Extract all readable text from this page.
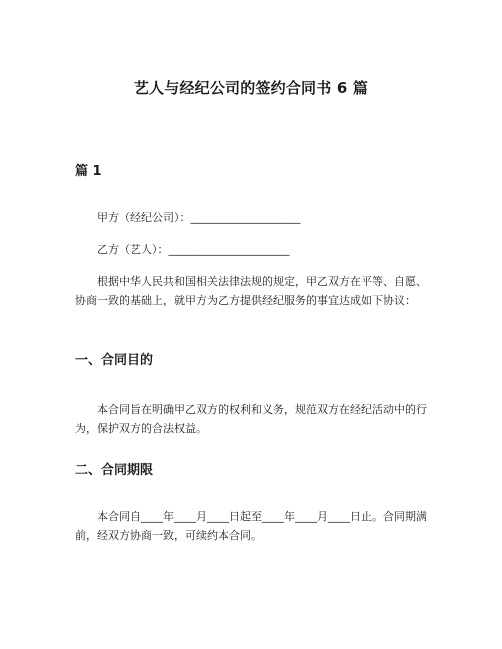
艺人与经纪公司的签约合同书 6 篇
篇 1
甲方（经纪公司）：____________________
乙方（艺人）：______________________

根据中华人民共和国相关法律法规的规定，甲乙双方在平等、自愿、协商一致的基础上，就甲方为乙方提供经纪服务的事宜达成如下协议：

一、合同目的

本合同旨在明确甲乙双方的权利和义务，规范双方在经纪活动中的行为，保护双方的合法权益。

二、合同期限

本合同自____年____月____日起至____年____月____日止。合同期满前，经双方协商一致，可续约本合同。
